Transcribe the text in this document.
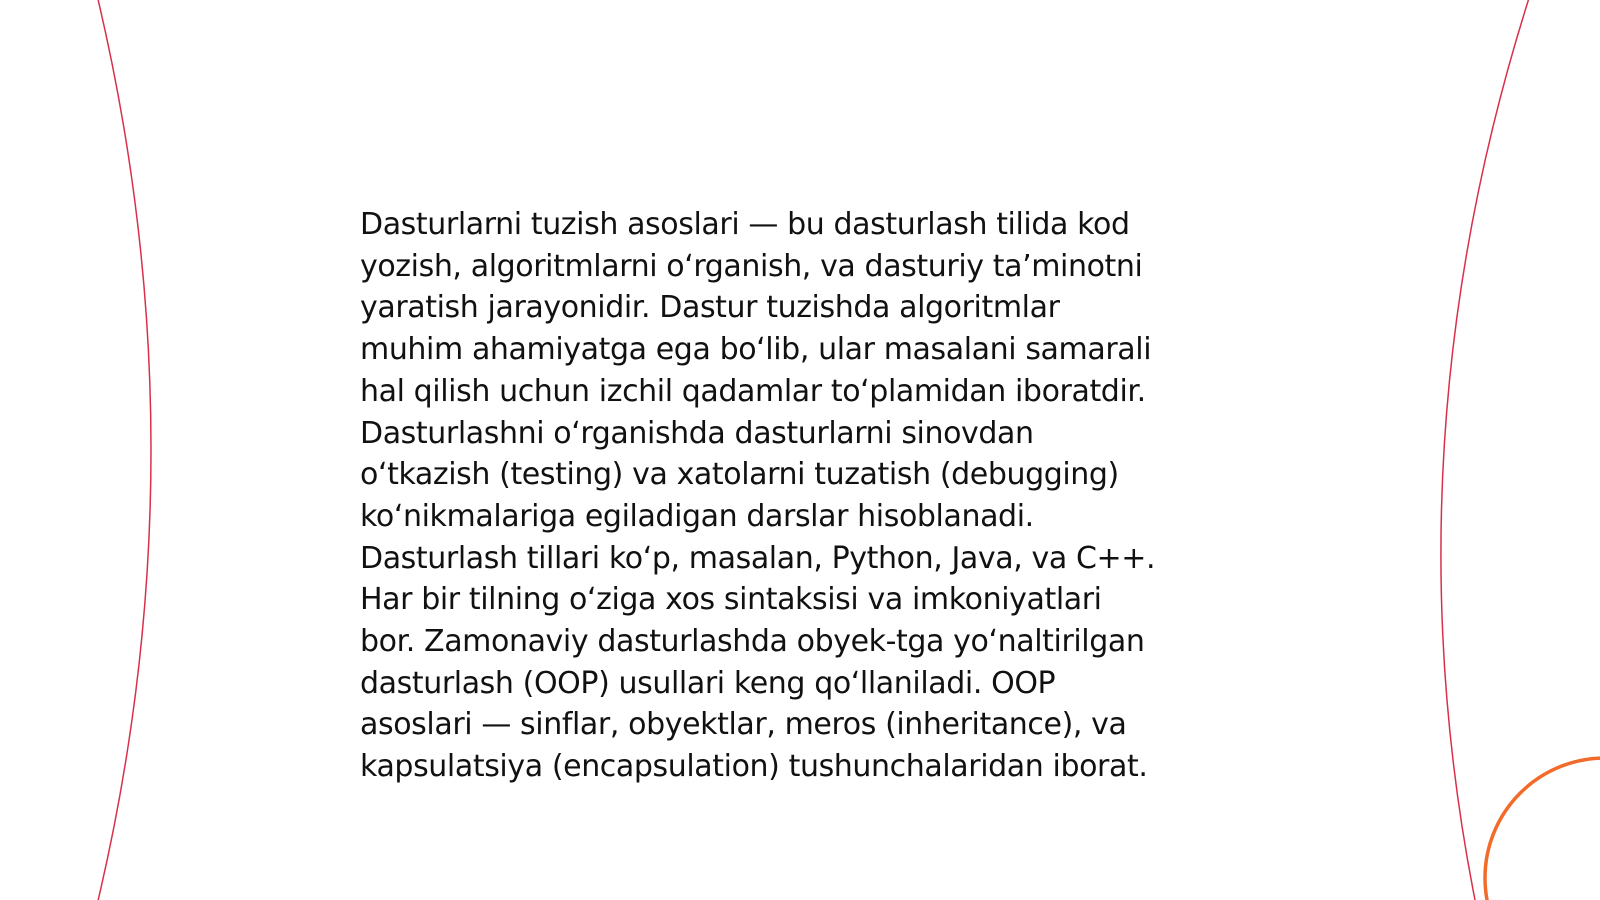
Dasturlarni tuzish asoslari — bu dasturlash tilida kod
yozish, algoritmlarni oʻrganish, va dasturiy taʼminotni
yaratish jarayonidir. Dastur tuzishda algoritmlar
muhim ahamiyatga ega boʻlib, ular masalani samarali
hal qilish uchun izchil qadamlar toʻplamidan iboratdir.
Dasturlashni oʻrganishda dasturlarni sinovdan
oʻtkazish (testing) va xatolarni tuzatish (debugging)
koʻnikmalariga egiladigan darslar hisoblanadi.
Dasturlash tillari koʻp, masalan, Python, Java, va C++.
Har bir tilning oʻziga xos sintaksisi va imkoniyatlari
bor. Zamonaviy dasturlashda obyek-tga yoʻnaltirilgan
dasturlash (OOP) usullari keng qoʻllaniladi. OOP
asoslari — sinflar, obyektlar, meros (inheritance), va
kapsulatsiya (encapsulation) tushunchalaridan iborat.
